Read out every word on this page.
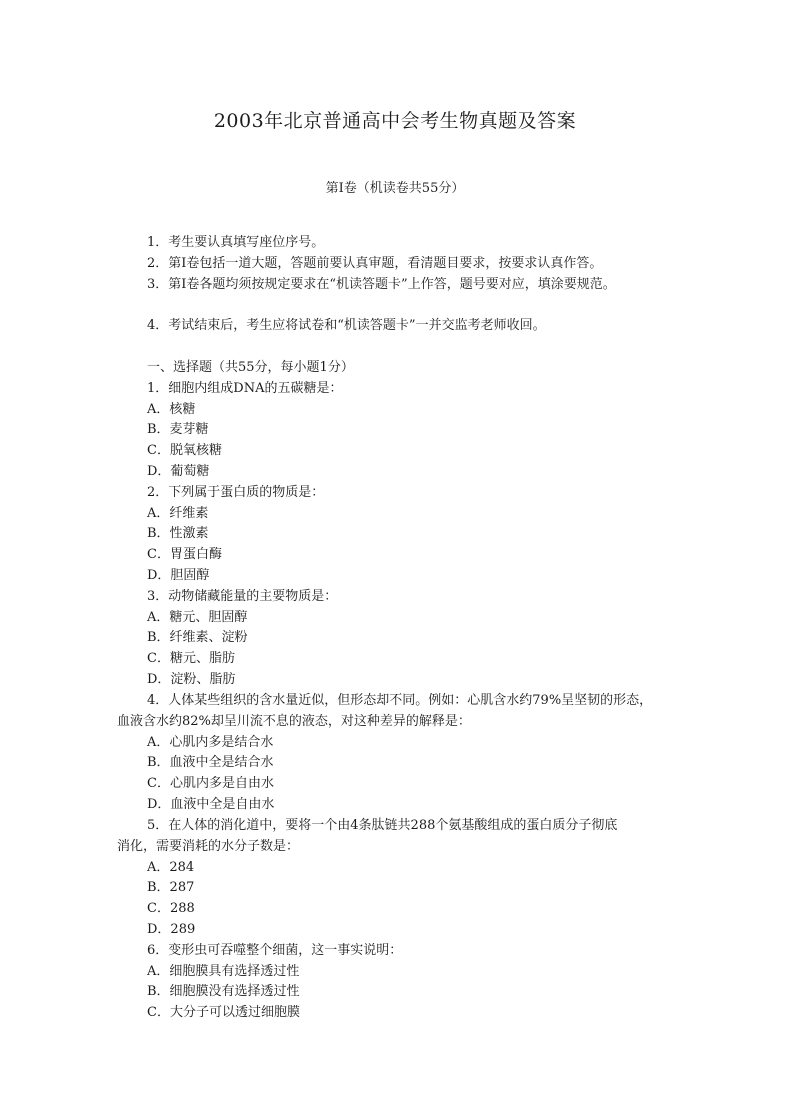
2003年北京普通高中会考生物真题及答案
第Ⅰ卷（机读卷共55分）
1．考生要认真填写座位序号。
2．第Ⅰ卷包括一道大题，答题前要认真审题，看清题目要求，按要求认真作答。
3．第Ⅰ卷各题均须按规定要求在“机读答题卡”上作答，题号要对应，填涂要规范。
4．考试结束后，考生应将试卷和“机读答题卡”一并交监考老师收回。
一、选择题（共55分，每小题1分）
1．细胞内组成DNA的五碳糖是：
A．核糖
B．麦芽糖
C．脱氧核糖
D．葡萄糖
2．下列属于蛋白质的物质是：
A．纤维素
B．性激素
C．胃蛋白酶
D．胆固醇
3．动物储藏能量的主要物质是：
A．糖元、胆固醇
B．纤维素、淀粉
C．糖元、脂肪
D．淀粉、脂肪
4．人体某些组织的含水量近似，但形态却不同。例如：心肌含水约79%呈坚韧的形态，
血液含水约82%却呈川流不息的液态，对这种差异的解释是：
A．心肌内多是结合水
B．血液中全是结合水
C．心肌内多是自由水
D．血液中全是自由水
5．在人体的消化道中，要将一个由4条肽链共288个氨基酸组成的蛋白质分子彻底
消化，需要消耗的水分子数是：
A．284
B．287
C．288
D．289
6．变形虫可吞噬整个细菌，这一事实说明：
A．细胞膜具有选择透过性
B．细胞膜没有选择透过性
C．大分子可以透过细胞膜
